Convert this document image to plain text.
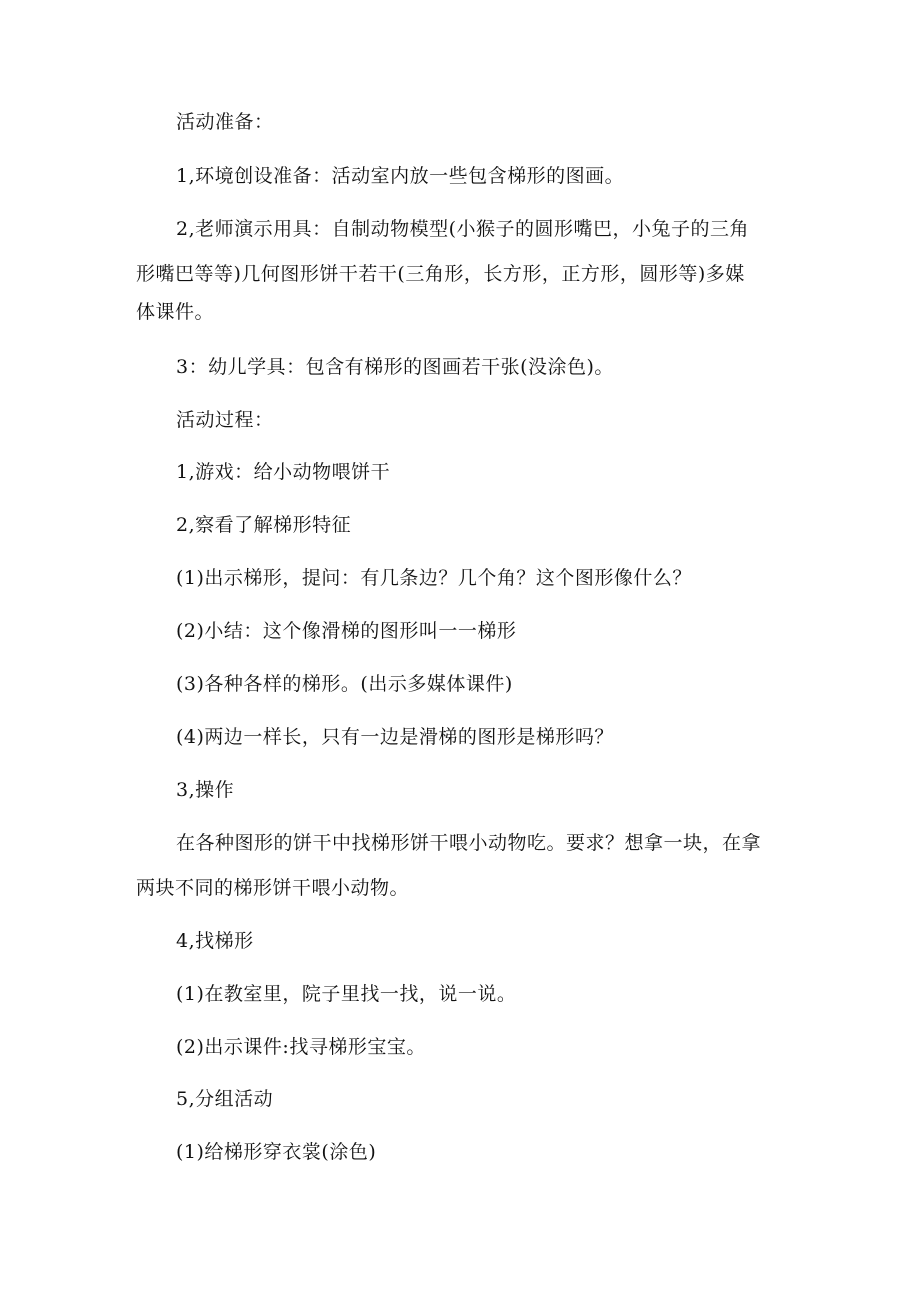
活动准备：
1,环境创设准备：活动室内放一些包含梯形的图画。
2,老师演示用具：自制动物模型(小猴子的圆形嘴巴，小兔子的三角
形嘴巴等等)几何图形饼干若干(三角形，长方形，正方形，圆形等)多媒
体课件。
3：幼儿学具：包含有梯形的图画若干张(没涂色)。
活动过程：
1,游戏：给小动物喂饼干
2,察看了解梯形特征
(1)出示梯形，提问：有几条边？几个角？这个图形像什么？
(2)小结：这个像滑梯的图形叫一一梯形
(3)各种各样的梯形。(出示多媒体课件)
(4)两边一样长，只有一边是滑梯的图形是梯形吗？
3,操作
在各种图形的饼干中找梯形饼干喂小动物吃。要求？想拿一块，在拿
两块不同的梯形饼干喂小动物。
4,找梯形
(1)在教室里，院子里找一找，说一说。
(2)出示课件:找寻梯形宝宝。
5,分组活动
(1)给梯形穿衣裳(涂色)
